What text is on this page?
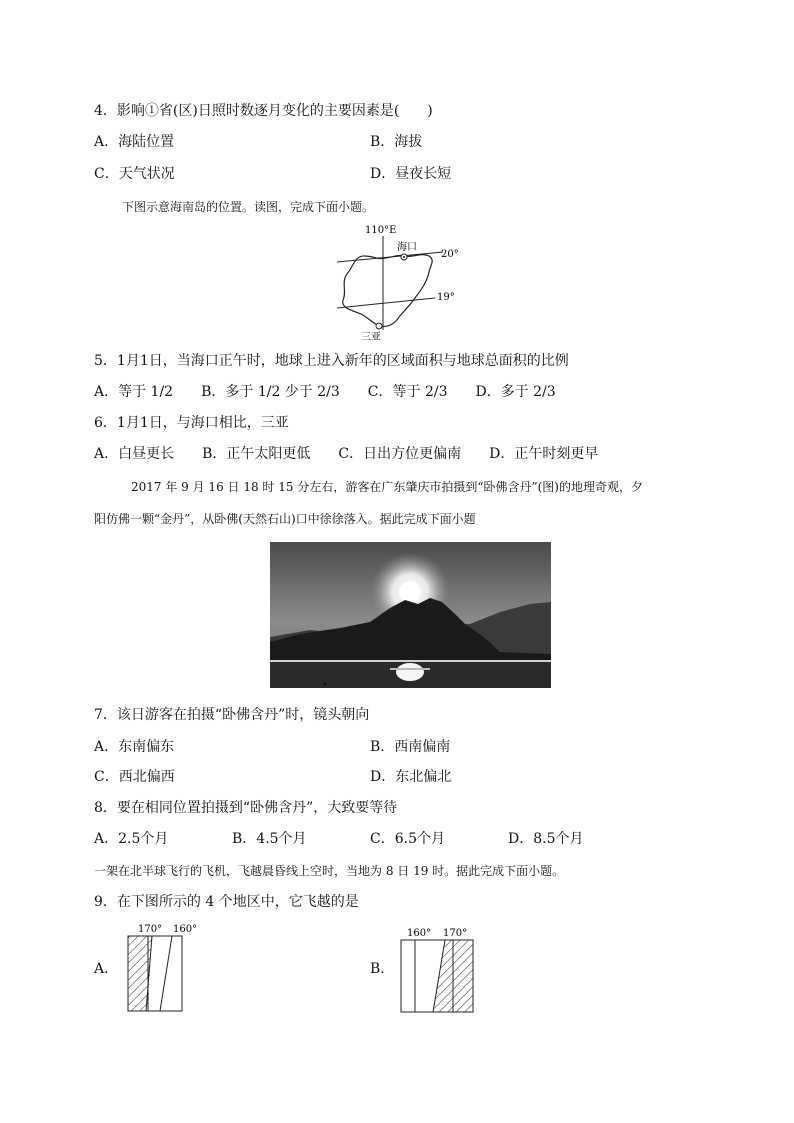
4．影响①省(区)日照时数逐月变化的主要因素是(　　)
A．海陆位置	B．海拔
C．天气状况	D．昼夜长短
下图示意海南岛的位置。读图，完成下面小题。
110°E
20°
19°
海口
三亚
5．1月1日，当海口正午时，地球上进入新年的区域面积与地球总面积的比例
A．等于 1/2　　B．多于 1/2 少于 2/3　　C．等于 2/3　　D．多于 2/3
6．1月1日，与海口相比，三亚
A．白昼更长　　B．正午太阳更低　　C．日出方位更偏南　　D．正午时刻更早
2017 年 9 月 16 日 18 时 15 分左右，游客在广东肇庆市拍摄到“卧佛含丹”(图)的地理奇观，夕
阳仿佛一颗“金丹”，从卧佛(天然石山)口中徐徐落入。据此完成下面小题
7．该日游客在拍摄“卧佛含丹”时，镜头朝向
A．东南偏东	B．西南偏南
C．西北偏西	D．东北偏北
8．要在相同位置拍摄到“卧佛含丹”，大致要等待
A．2.5个月	B．4.5个月	C．6.5个月	D．8.5个月
一架在北半球飞行的飞机，飞越晨昏线上空时，当地为 8 日 19 时。据此完成下面小题。
9．在下图所示的 4 个地区中，它飞越的是
A．	B．
170° 160°	160° 170°
